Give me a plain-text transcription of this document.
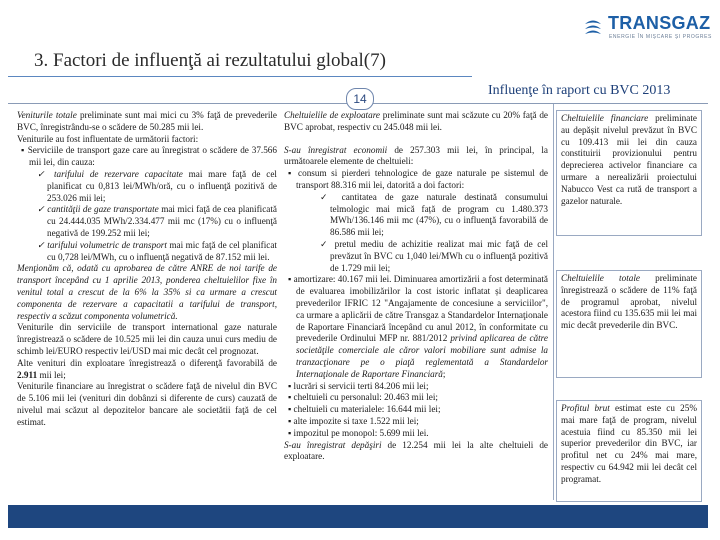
TRANSGAZ
ENERGIE ÎN MIȘCARE ȘI PROGRES
3. Factori de influenţă ai rezultatului global(7)
Influenţe în raport cu BVC 2013
14

Veniturile totale preliminate sunt mai mici cu 3% faţă de prevederile BVC, înregistrându-se o scădere de 50.285 mii lei.

Veniturile au fost influentate de următorii factori:

▪ Serviciile de transport gaze care au înregistrat o scădere de 37.566 mii lei, din cauza:

✓ tarifului de rezervare capacitate mai mare faţă de cel planificat cu 0,813 lei/MWh/oră, cu o influenţă pozitivă de 253.026 mii lei;

✓ cantităţii de gaze transportate mai mici faţă de cea planificată cu 24.444.035 MWh/2.334.477 mii mc (17%) cu o influenţă negativă de 199.252 mii lei;

✓ tarifului volumetric de transport mai mic faţă de cel planificat cu 0,728 lei/MWh, cu o influenţă negativă de 87.152 mii lei.

Menţionăm că, odată cu aprobarea de către ANRE de noi tarife de transport începând cu 1 aprilie 2013, ponderea cheltuielilor fixe în venitul total a crescut de la 6% la 35% si ca urmare a crescut componenta de rezervare a capacitatii a tarifului de transport, respectiv a scăzut componenta volumetrică.

Veniturile din serviciile de transport international gaze naturale înregistrează o scădere de 10.525 mii lei din cauza unui curs mediu de schimb lei/EURO respectiv lei/USD mai mic decât cel prognozat.

Alte venituri din exploatare înregistrează o diferenţă favorabilă de 2.911 mii lei;

Veniturile financiare au înregistrat o scădere faţă de nivelul din BVC de 5.106 mii lei (venituri din dobânzi si diferente de curs) cauzată de nivelul mai scăzut al depozitelor bancare ale societătii faţă de cel estimat.

Cheltuielile de exploatare preliminate sunt mai scăzute cu 20% faţă de BVC aprobat, respectiv cu 245.048 mii lei.

S-au înregistrat economii de 257.303 mii lei, în principal, la următoarele elemente de cheltuieli:

▪ consum si pierderi tehnologice de gaze naturale pe sistemul de transport 88.316 mii lei, datorită a doi factori:

✓ cantitatea de gaze naturale destinată consumului telmologic mai mică față de program cu 1.480.373 MWh/136.146 mii mc (47%), cu o influenţă favorabilă de 86.586 mii lei;

✓ pretul mediu de achizitie realizat mai mic faţă de cel prevăzut în BVC cu 1,040 lei/MWh cu o influenţă pozitivă de 1.729 mii lei;

▪ amortizare: 40.167 mii lei. Diminuarea amortizării a fost determinată de evaluarea imobilizărilor la cost istoric inflatat și deaplicarea prevederilor IFRIC 12 "Angajamente de concesiune a serviciilor", ca urmare a aplicării de către Transgaz a Standardelor Internaţionale de Raportare Financiară începând cu anul 2012, în conformitate cu prevederile Ordinului MFP nr. 881/2012 privind aplicarea de către societăţile comerciale ale căror valori mobiliare sunt admise la tranzacţionare pe o piaţă reglementată a Standardelor Internaţionale de Raportare Financiară;

▪ lucrări si servicii terti 84.206 mii lei;

▪ cheltuieli cu personalul: 20.463 mii lei;

▪ cheltuieli cu materialele: 16.644 mii lei;

▪ alte impozite si taxe 1.522 mii lei;

▪ impozitul pe monopol: 5.699 mii lei.

S-au înregistrat depăşiri de 12.254 mii lei la alte cheltuieli de exploatare.

Cheltuielile financiare preliminate au depășit nivelul prevăzut în BVC cu 109.413 mii lei din cauza constituirii provizionului pentru deprecierea activelor financiare ca urmare a nerealizării proiectului Nabucco Vest ca rută de transport a gazelor naturale.
Cheltuielile totale preliminate înregistrează o scădere de 11% faţă de programul aprobat, nivelul acestora fiind cu 135.635 mii lei mai mic decât prevederile din BVC.
Profitul brut estimat este cu 25% mai mare faţă de program, nivelul acestuia fiind cu 85.350 mii lei superior prevederilor din BVC, iar profitul net cu 24% mai mare, respectiv cu 64.942 mii lei decât cel programat.
